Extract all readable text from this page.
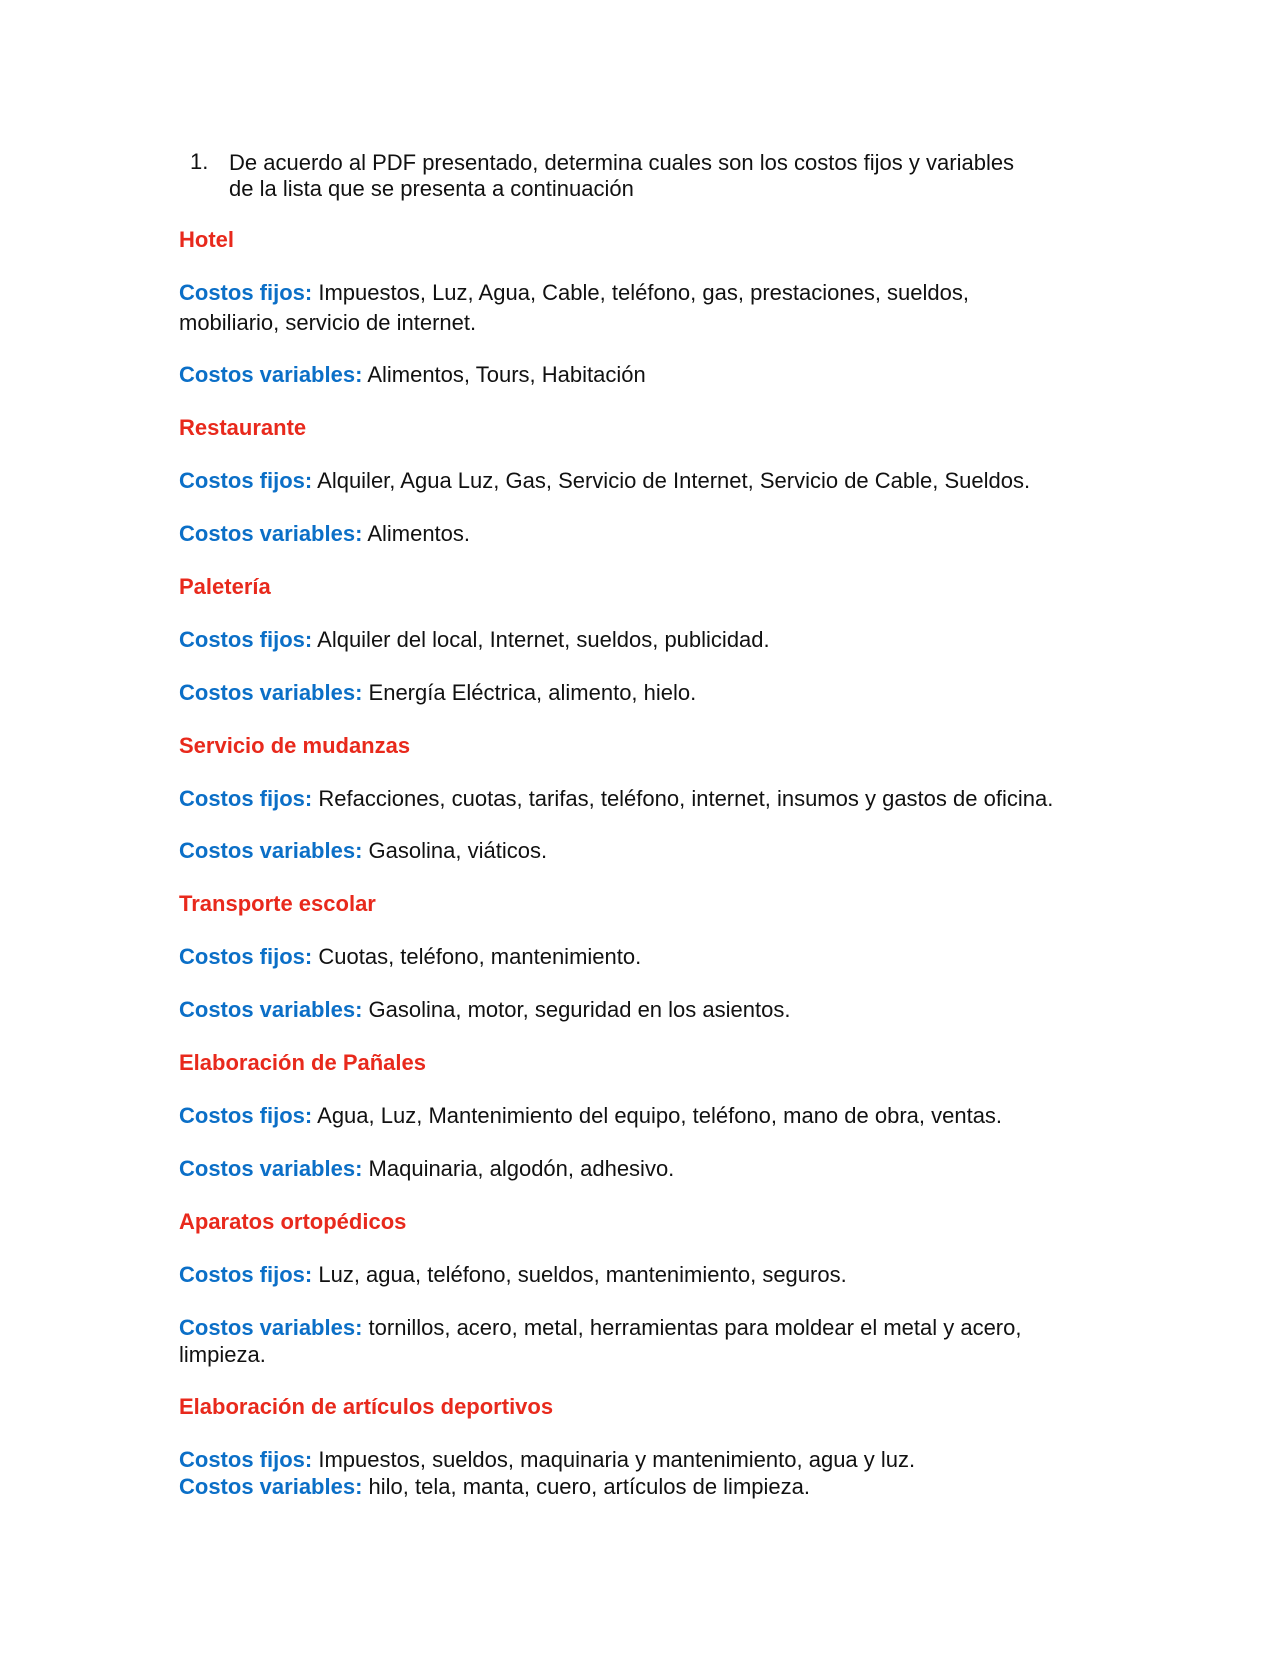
1. De acuerdo al PDF presentado, determina cuales son los costos fijos y variables
de la lista que se presenta a continuación
Hotel
Costos fijos: Impuestos, Luz, Agua, Cable, teléfono, gas, prestaciones, sueldos,
mobiliario, servicio de internet.
Costos variables: Alimentos, Tours, Habitación
Restaurante
Costos fijos: Alquiler, Agua Luz, Gas, Servicio de Internet, Servicio de Cable, Sueldos.
Costos variables: Alimentos.
Paletería
Costos fijos: Alquiler del local, Internet, sueldos, publicidad.
Costos variables: Energía Eléctrica, alimento, hielo.
Servicio de mudanzas
Costos fijos: Refacciones, cuotas, tarifas, teléfono, internet, insumos y gastos de oficina.
Costos variables: Gasolina, viáticos.
Transporte escolar
Costos fijos: Cuotas, teléfono, mantenimiento.
Costos variables: Gasolina, motor, seguridad en los asientos.
Elaboración de Pañales
Costos fijos: Agua, Luz, Mantenimiento del equipo, teléfono, mano de obra, ventas.
Costos variables: Maquinaria, algodón, adhesivo.
Aparatos ortopédicos
Costos fijos: Luz, agua, teléfono, sueldos, mantenimiento, seguros.
Costos variables: tornillos, acero, metal, herramientas para moldear el metal y acero,
limpieza.
Elaboración de artículos deportivos
Costos fijos: Impuestos, sueldos, maquinaria y mantenimiento, agua y luz.
Costos variables: hilo, tela, manta, cuero, artículos de limpieza.
